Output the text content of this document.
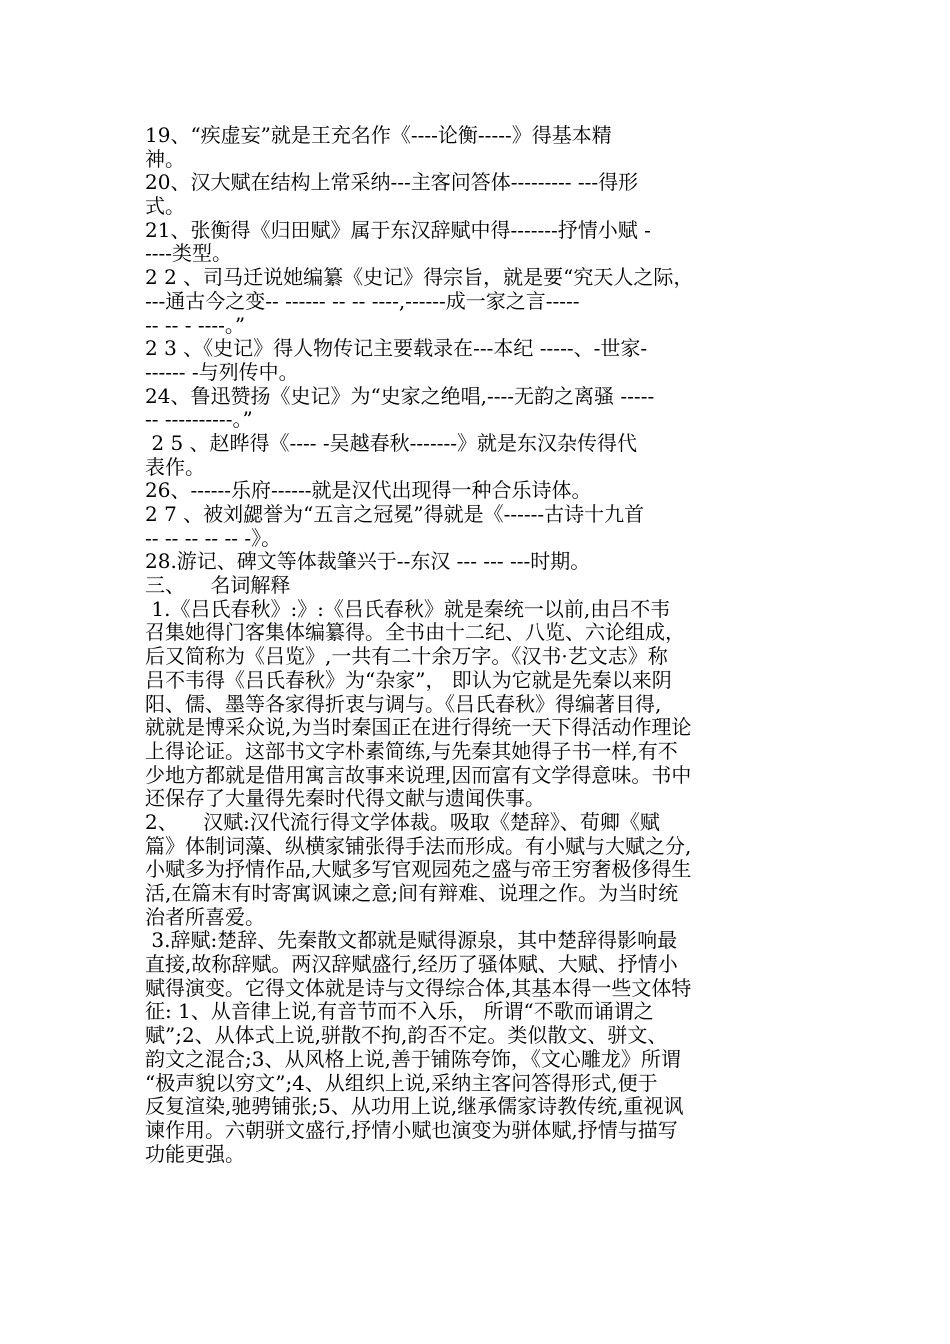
19、“疾虚妄”就是王充名作《----论衡-----》得基本精
神。
20、汉大赋在结构上常采纳---主客问答体--------- ---得形
式。
21、张衡得《归田赋》属于东汉辞赋中得-------抒情小赋 -
----类型。
2 2 、司马迁说她编纂《史记》得宗旨，就是要“究天人之际，
---通古今之变-- ------ -- -- ----,------成一家之言-----
-- -- - ----。”
2 3 、《史记》得人物传记主要载录在---本纪 -----、-世家-
------ -与列传中。
24、鲁迅赞扬《史记》为“史家之绝唱,----无韵之离骚 -----
-- ----------。”
2 5 、赵晔得《---- -吴越春秋-------》就是东汉杂传得代
表作。
26、------乐府------就是汉代出现得一种合乐诗体。
2 7 、被刘勰誉为“五言之冠冕”得就是《------古诗十九首
-- -- -- -- -- -》。
28.游记、碑文等体裁肇兴于--东汉 --- --- ---时期。
三、    名词解释
1.《吕氏春秋》:》:《吕氏春秋》就是秦统一以前,由吕不韦
召集她得门客集体编纂得。全书由十二纪、八览、六论组成，
后又简称为《吕览》,一共有二十余万字。《汉书·艺文志》称
吕不韦得《吕氏春秋》为“杂家”， 即认为它就是先秦以来阴
阳、儒、墨等各家得折衷与调与。《吕氏春秋》得编著目得,
就就是博采众说,为当时秦国正在进行得统一天下得活动作理论
上得论证。这部书文字朴素简练,与先秦其她得子书一样,有不
少地方都就是借用寓言故事来说理,因而富有文学得意味。书中
还保存了大量得先秦时代得文献与遗闻佚事。
2、    汉赋:汉代流行得文学体裁。吸取《楚辞》、荀卿《赋
篇》体制词藻、纵横家铺张得手法而形成。有小赋与大赋之分,
小赋多为抒情作品,大赋多写官观园苑之盛与帝王穷奢极侈得生
活,在篇末有时寄寓讽谏之意;间有辩难、说理之作。为当时统
治者所喜爱。
3.辞赋:楚辞、先秦散文都就是赋得源泉，其中楚辞得影响最
直接,故称辞赋。两汉辞赋盛行,经历了骚体赋、大赋、抒情小
赋得演变。它得文体就是诗与文得综合体,其基本得一些文体特
征: 1、从音律上说,有音节而不入乐， 所谓“不歌而诵谓之
赋”;2、从体式上说,骈散不拘,韵否不定。类似散文、骈文、
韵文之混合;3、从风格上说,善于铺陈夸饰，《文心雕龙》所谓
“极声貌以穷文”;4、从组织上说,采纳主客问答得形式,便于
反复渲染,驰骋铺张;5、从功用上说,继承儒家诗教传统,重视讽
谏作用。六朝骈文盛行,抒情小赋也演变为骈体赋,抒情与描写
功能更强。
